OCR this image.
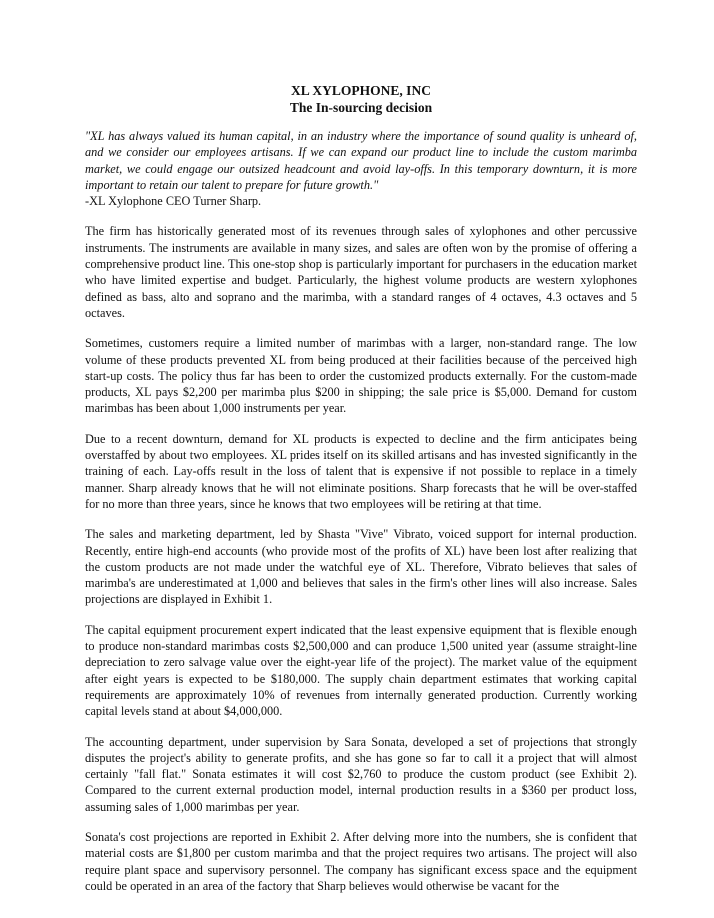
XL XYLOPHONE, INC
The In-sourcing decision

"XL has always valued its human capital, in an industry where the importance of sound quality is unheard of, and we consider our employees artisans. If we can expand our product line to include the custom marimba market, we could engage our outsized headcount and avoid lay-offs. In this temporary downturn, it is more important to retain our talent to prepare for future growth."

-XL Xylophone CEO Turner Sharp.

The firm has historically generated most of its revenues through sales of xylophones and other percussive instruments. The instruments are available in many sizes, and sales are often won by the promise of offering a comprehensive product line. This one-stop shop is particularly important for purchasers in the education market who have limited expertise and budget. Particularly, the highest volume products are western xylophones defined as bass, alto and soprano and the marimba, with a standard ranges of 4 octaves, 4.3 octaves and 5 octaves.

Sometimes, customers require a limited number of marimbas with a larger, non-standard range. The low volume of these products prevented XL from being produced at their facilities because of the perceived high start-up costs. The policy thus far has been to order the customized products externally. For the custom-made products, XL pays $2,200 per marimba plus $200 in shipping; the sale price is $5,000. Demand for custom marimbas has been about 1,000 instruments per year.

Due to a recent downturn, demand for XL products is expected to decline and the firm anticipates being overstaffed by about two employees. XL prides itself on its skilled artisans and has invested significantly in the training of each. Lay-offs result in the loss of talent that is expensive if not possible to replace in a timely manner. Sharp already knows that he will not eliminate positions. Sharp forecasts that he will be over-staffed for no more than three years, since he knows that two employees will be retiring at that time.

The sales and marketing department, led by Shasta "Vive" Vibrato, voiced support for internal production. Recently, entire high-end accounts (who provide most of the profits of XL) have been lost after realizing that the custom products are not made under the watchful eye of XL. Therefore, Vibrato believes that sales of marimba's are underestimated at 1,000 and believes that sales in the firm's other lines will also increase. Sales projections are displayed in Exhibit 1.

The capital equipment procurement expert indicated that the least expensive equipment that is flexible enough to produce non-standard marimbas costs $2,500,000 and can produce 1,500 united year (assume straight-line depreciation to zero salvage value over the eight-year life of the project). The market value of the equipment after eight years is expected to be $180,000. The supply chain department estimates that working capital requirements are approximately 10% of revenues from internally generated production. Currently working capital levels stand at about $4,000,000.

The accounting department, under supervision by Sara Sonata, developed a set of projections that strongly disputes the project's ability to generate profits, and she has gone so far to call it a project that will almost certainly "fall flat." Sonata estimates it will cost $2,760 to produce the custom product (see Exhibit 2). Compared to the current external production model, internal production results in a $360 per product loss, assuming sales of 1,000 marimbas per year.

Sonata's cost projections are reported in Exhibit 2. After delving more into the numbers, she is confident that material costs are $1,800 per custom marimba and that the project requires two artisans. The project will also require plant space and supervisory personnel. The company has significant excess space and the equipment could be operated in an area of the factory that Sharp believes would otherwise be vacant for the
